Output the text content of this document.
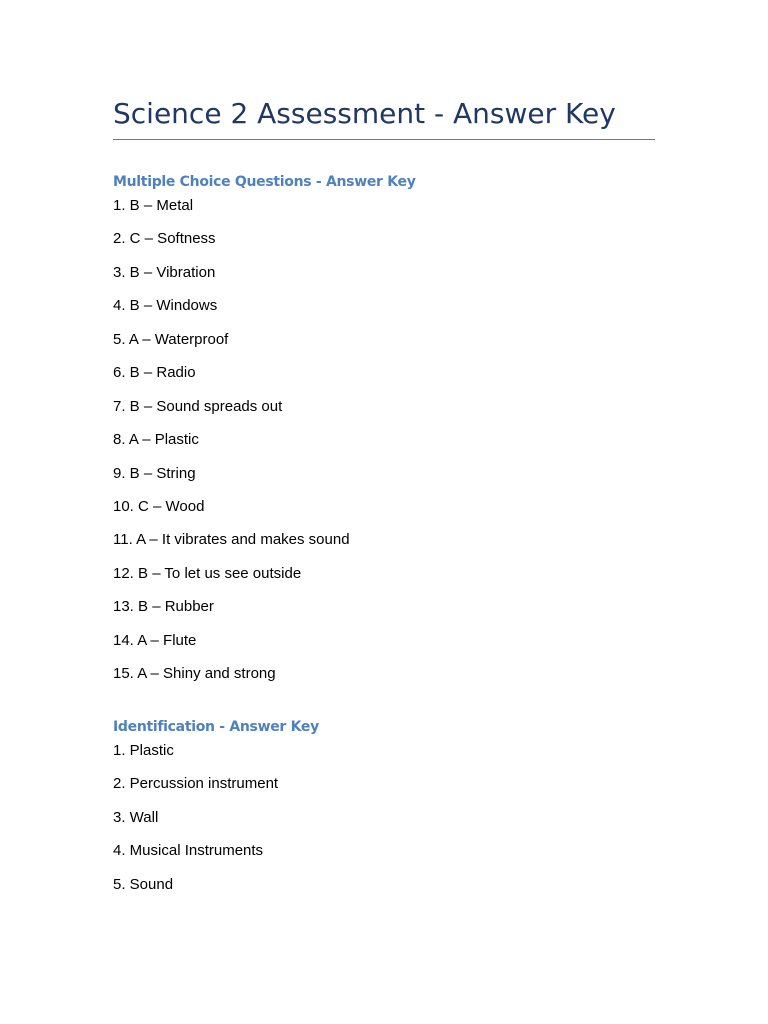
Science 2 Assessment - Answer Key
Multiple Choice Questions - Answer Key
1. B – Metal
2. C – Softness
3. B – Vibration
4. B – Windows
5. A – Waterproof
6. B – Radio
7. B – Sound spreads out
8. A – Plastic
9. B – String
10. C – Wood
11. A – It vibrates and makes sound
12. B – To let us see outside
13. B – Rubber
14. A – Flute
15. A – Shiny and strong
Identification - Answer Key
1. Plastic
2. Percussion instrument
3. Wall
4. Musical Instruments
5. Sound
